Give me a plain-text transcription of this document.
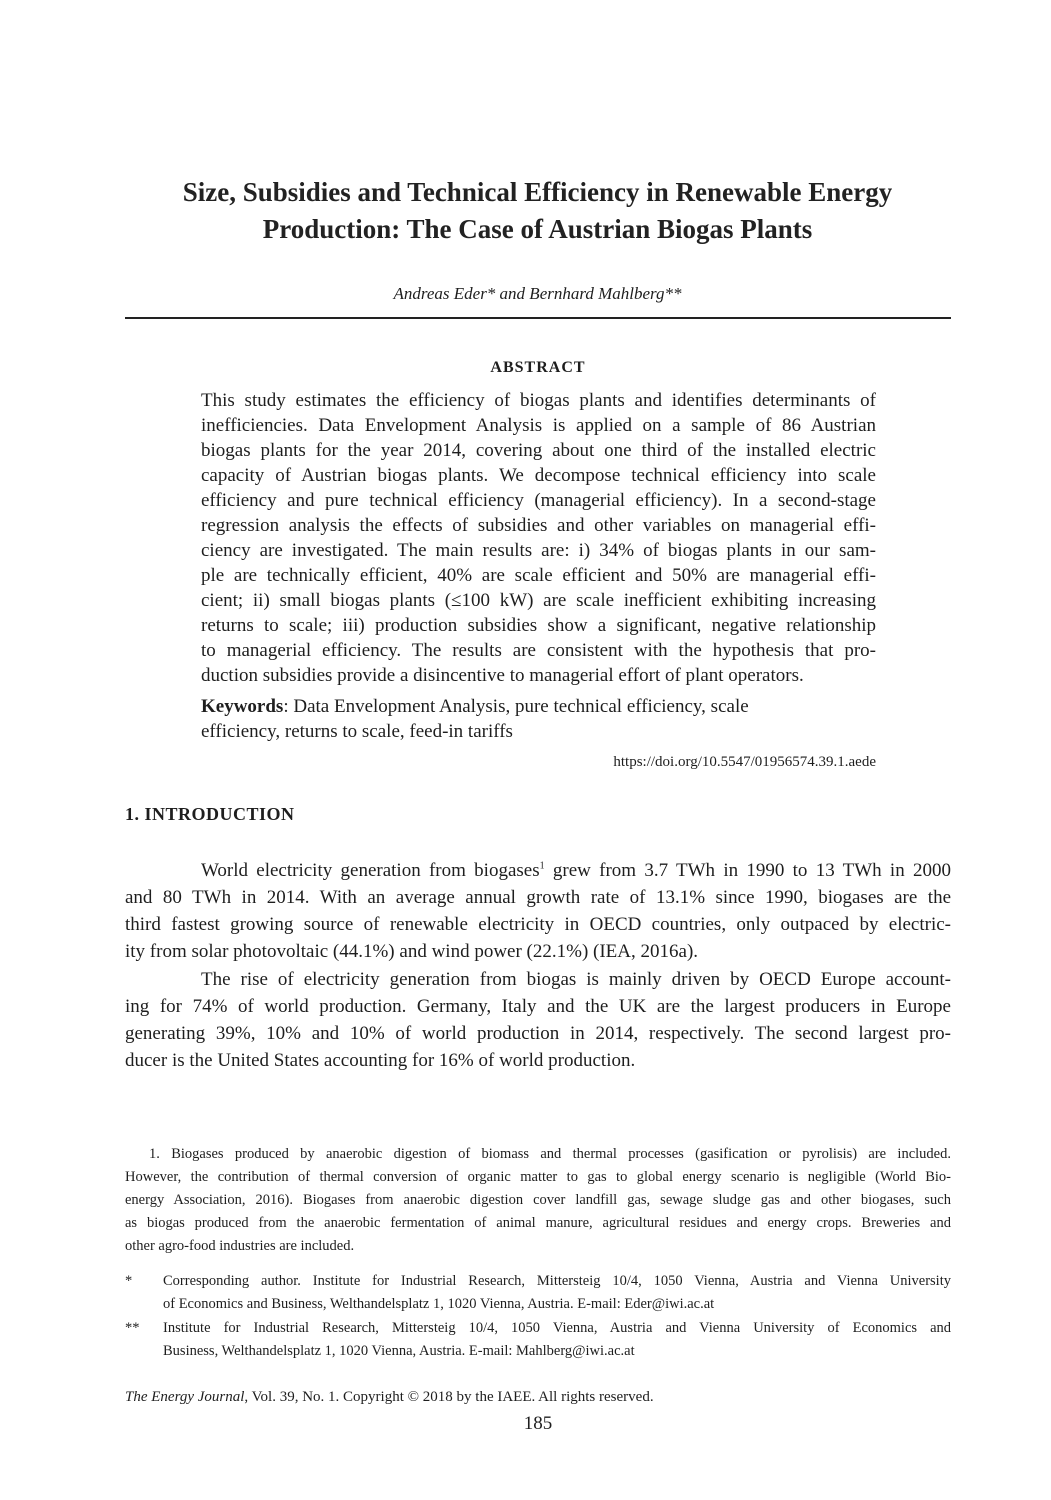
Size, Subsidies and Technical Efficiency in Renewable Energy
Production: The Case of Austrian Biogas Plants
Andreas Eder* and Bernhard Mahlberg**
ABSTRACT
This study estimates the efficiency of biogas plants and identifies determinants of
inefficiencies. Data Envelopment Analysis is applied on a sample of 86 Austrian
biogas plants for the year 2014, covering about one third of the installed electric
capacity of Austrian biogas plants. We decompose technical efficiency into scale
efficiency and pure technical efficiency (managerial efficiency). In a second-stage
regression analysis the effects of subsidies and other variables on managerial effi-
ciency are investigated. The main results are: i) 34% of biogas plants in our sam-
ple are technically efficient, 40% are scale efficient and 50% are managerial effi-
cient; ii) small biogas plants (≤100 kW) are scale inefficient exhibiting increasing
returns to scale; iii) production subsidies show a significant, negative relationship
to managerial efficiency. The results are consistent with the hypothesis that pro-
duction subsidies provide a disincentive to managerial effort of plant operators.
Keywords: Data Envelopment Analysis, pure technical efficiency, scale
efficiency, returns to scale, feed-in tariffs
https://doi.org/10.5547/01956574.39.1.aede
1. INTRODUCTION
World electricity generation from biogases$^1$ grew from 3.7 TWh in 1990 to 13 TWh in 2000
and 80 TWh in 2014. With an average annual growth rate of 13.1% since 1990, biogases are the
third fastest growing source of renewable electricity in OECD countries, only outpaced by electric-
ity from solar photovoltaic (44.1%) and wind power (22.1%) (IEA, 2016a).
The rise of electricity generation from biogas is mainly driven by OECD Europe account-
ing for 74% of world production. Germany, Italy and the UK are the largest producers in Europe
generating 39%, 10% and 10% of world production in 2014, respectively. The second largest pro-
ducer is the United States accounting for 16% of world production.
1. Biogases produced by anaerobic digestion of biomass and thermal processes (gasification or pyrolisis) are included.
However, the contribution of thermal conversion of organic matter to gas to global energy scenario is negligible (World Bio-
energy Association, 2016). Biogases from anaerobic digestion cover landfill gas, sewage sludge gas and other biogases, such
as biogas produced from the anaerobic fermentation of animal manure, agricultural residues and energy crops. Breweries and
other agro-food industries are included.
* Corresponding author. Institute for Industrial Research, Mittersteig 10/4, 1050 Vienna, Austria and Vienna University
of Economics and Business, Welthandelsplatz 1, 1020 Vienna, Austria. E-mail: Eder@iwi.ac.at
** Institute for Industrial Research, Mittersteig 10/4, 1050 Vienna, Austria and Vienna University of Economics and
Business, Welthandelsplatz 1, 1020 Vienna, Austria. E-mail: Mahlberg@iwi.ac.at
The Energy Journal, Vol. 39, No. 1. Copyright © 2018 by the IAEE. All rights reserved.
185
